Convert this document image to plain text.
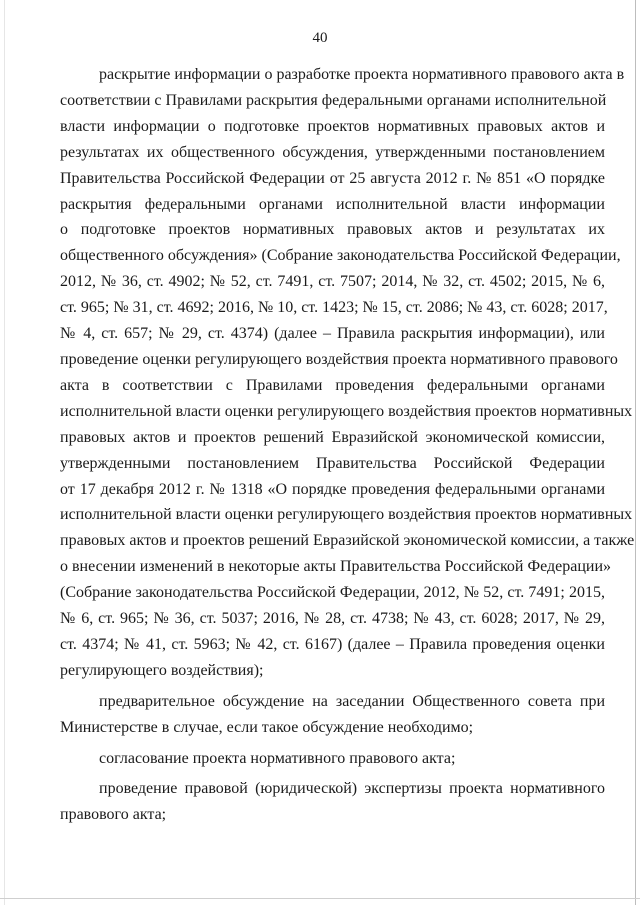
40
раскрытие информации о разработке проекта нормативного правового акта в
соответствии с Правилами раскрытия федеральными органами исполнительной
власти информации о подготовке проектов нормативных правовых актов и
результатах их общественного обсуждения, утвержденными постановлением
Правительства Российской Федерации от 25 августа 2012 г. № 851 «О порядке
раскрытия федеральными органами исполнительной власти информации
о подготовке проектов нормативных правовых актов и результатах их
общественного обсуждения» (Собрание законодательства Российской Федерации,
2012, № 36, ст. 4902; № 52, ст. 7491, ст. 7507; 2014, № 32, ст. 4502; 2015, № 6,
ст. 965; № 31, ст. 4692; 2016, № 10, ст. 1423; № 15, ст. 2086; № 43, ст. 6028; 2017,
№ 4, ст. 657; № 29, ст. 4374) (далее – Правила раскрытия информации), или
проведение оценки регулирующего воздействия проекта нормативного правового
акта в соответствии с Правилами проведения федеральными органами
исполнительной власти оценки регулирующего воздействия проектов нормативных
правовых актов и проектов решений Евразийской экономической комиссии,
утвержденными постановлением Правительства Российской Федерации
от 17 декабря 2012 г. № 1318 «О порядке проведения федеральными органами
исполнительной власти оценки регулирующего воздействия проектов нормативных
правовых актов и проектов решений Евразийской экономической комиссии, а также
о внесении изменений в некоторые акты Правительства Российской Федерации»
(Собрание законодательства Российской Федерации, 2012, № 52, ст. 7491; 2015,
№ 6, ст. 965; № 36, ст. 5037; 2016, № 28, ст. 4738; № 43, ст. 6028; 2017, № 29,
ст. 4374; № 41, ст. 5963; № 42, ст. 6167) (далее – Правила проведения оценки
регулирующего воздействия);
предварительное обсуждение на заседании Общественного совета при
Министерстве в случае, если такое обсуждение необходимо;
согласование проекта нормативного правового акта;
проведение правовой (юридической) экспертизы проекта нормативного
правового акта;
